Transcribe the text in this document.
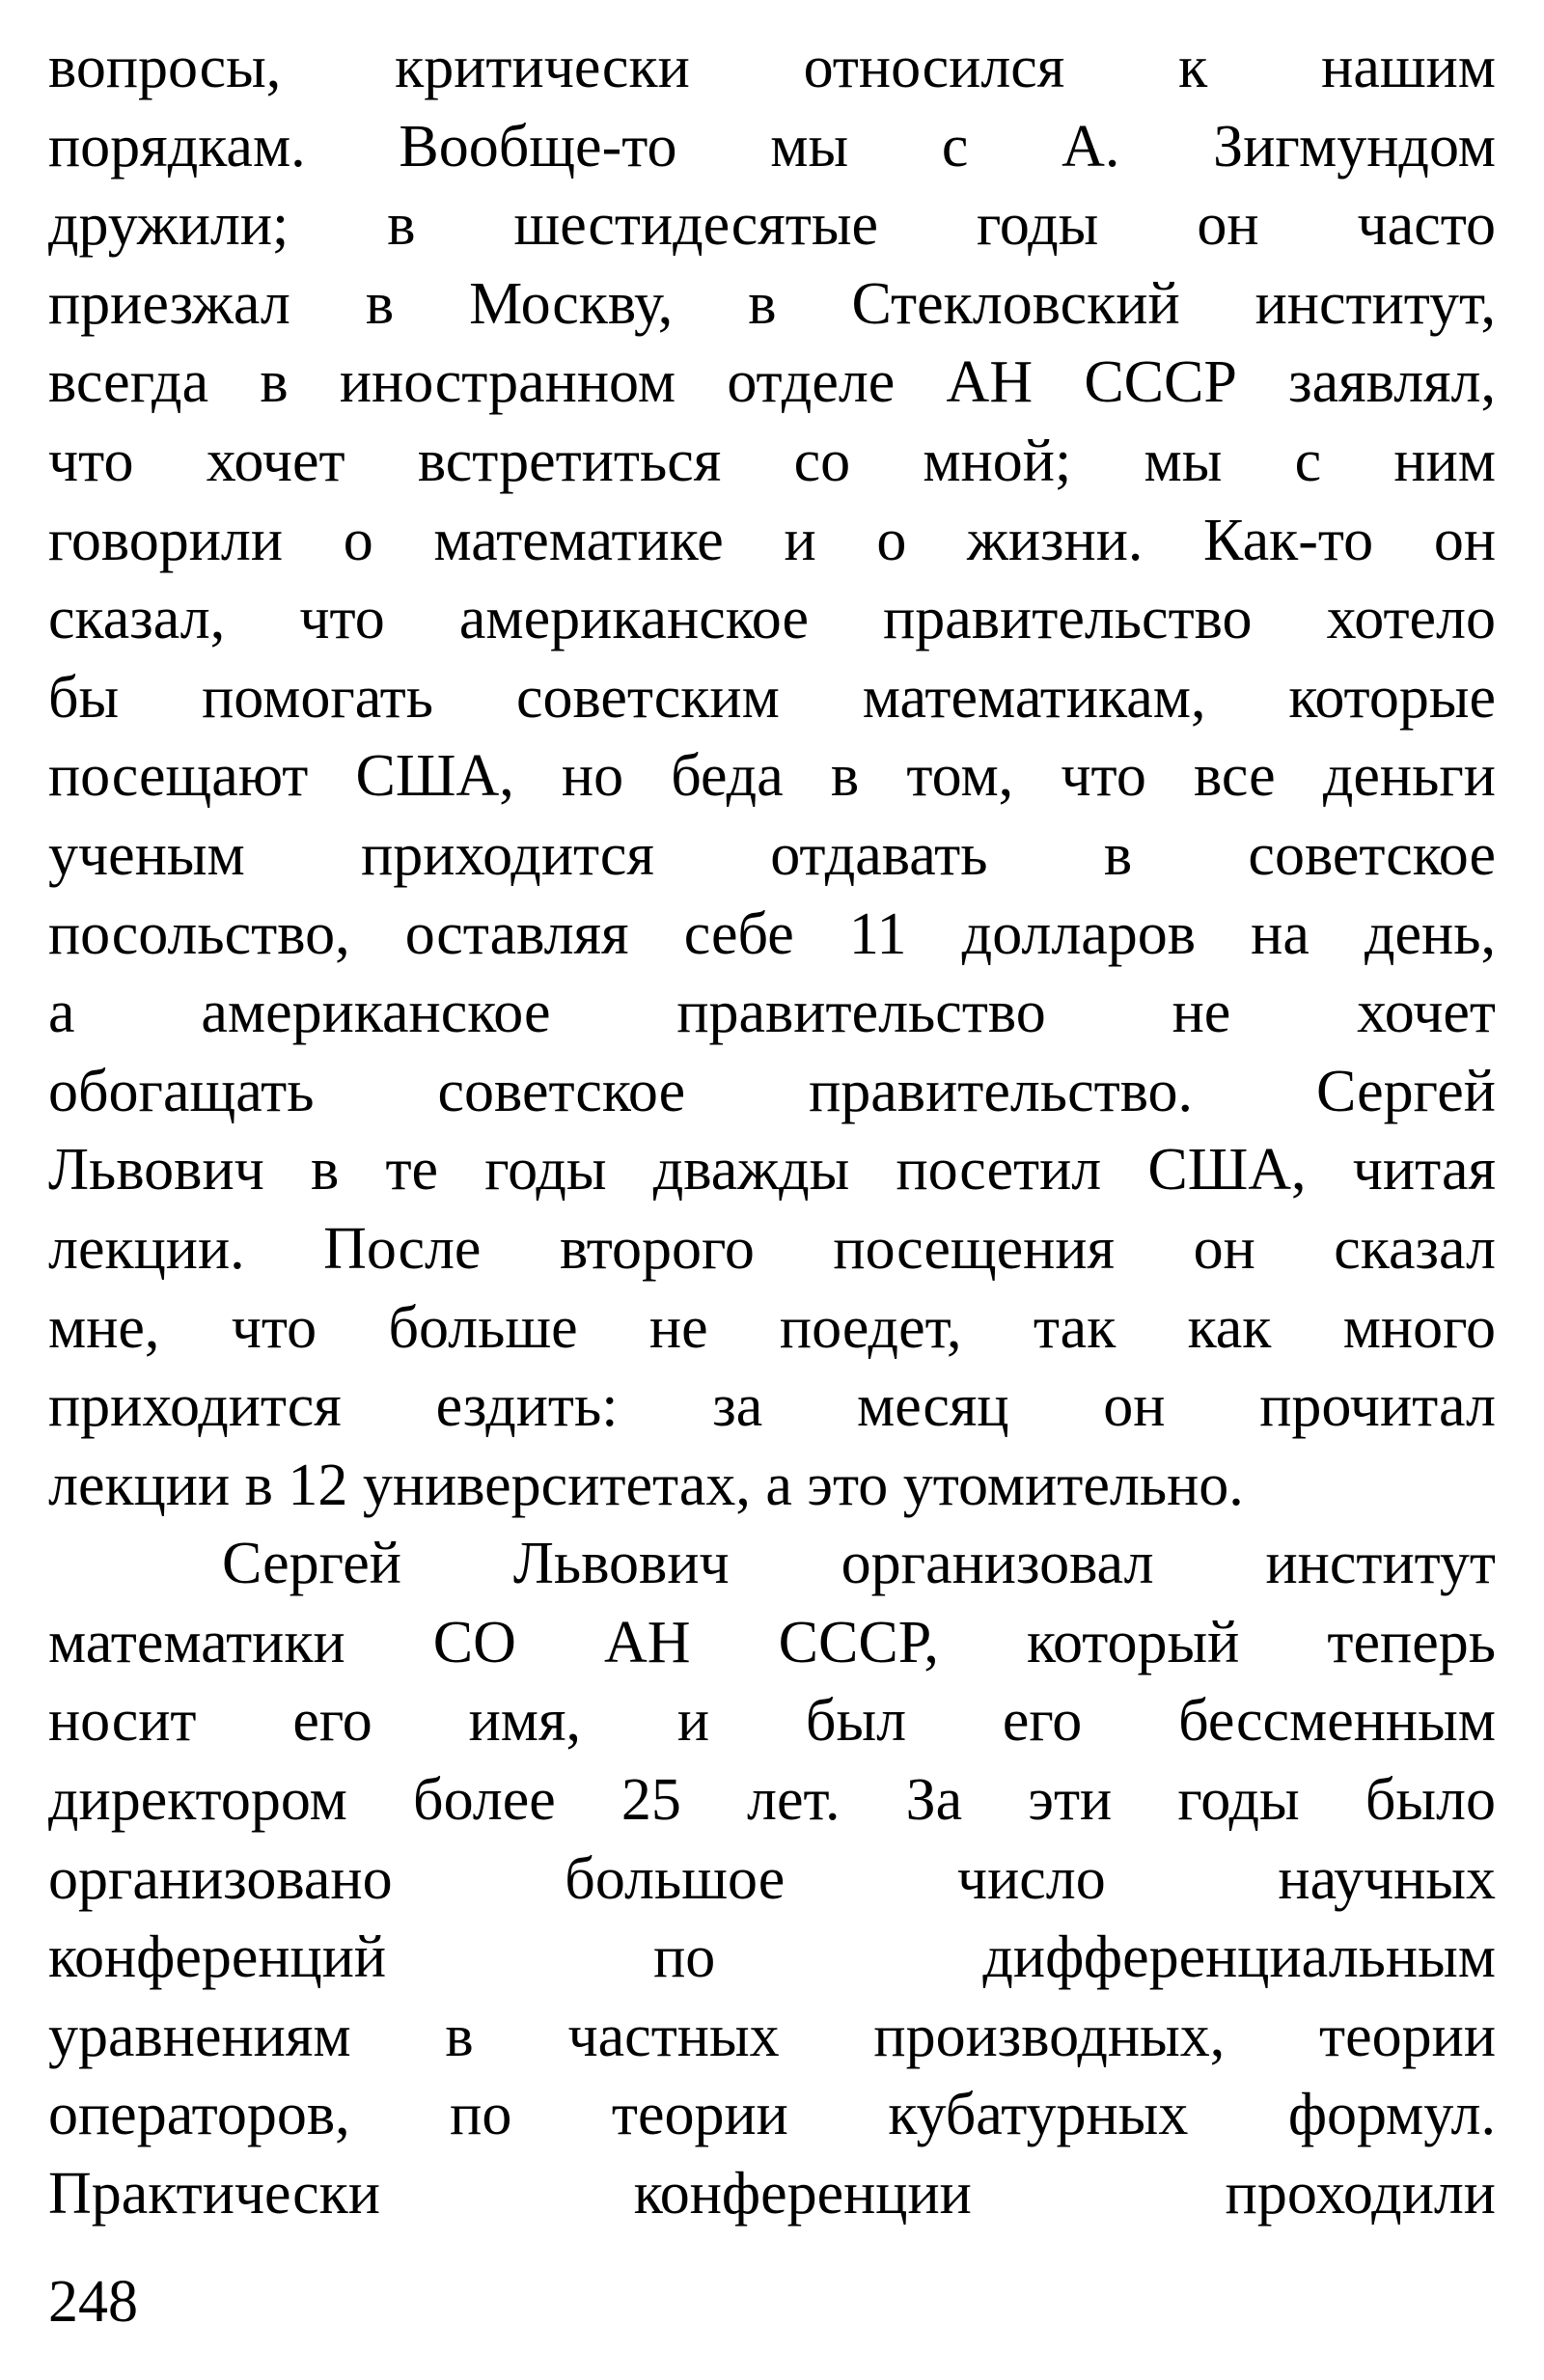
вопросы, критически относился к нашим
порядкам. Вообще-то мы с А. Зигмундом
дружили; в шестидесятые годы он часто
приезжал в Москву, в Стекловский институт,
всегда в иностранном отделе АН СССР заявлял,
что хочет встретиться со мной; мы с ним
говорили о математике и о жизни. Как-то он
сказал, что американское правительство хотело
бы помогать советским математикам, которые
посещают США, но беда в том, что все деньги
ученым приходится отдавать в советское
посольство, оставляя себе 11 долларов на день,
а американское правительство не хочет
обогащать советское правительство. Сергей
Львович в те годы дважды посетил США, читая
лекции. После второго посещения он сказал
мне, что больше не поедет, так как много
приходится ездить: за месяц он прочитал
лекции в 12 университетах, а это утомительно.
Сергей Львович организовал институт
математики СО АН СССР, который теперь
носит его имя, и был его бессменным
директором более 25 лет. За эти годы было
организовано большое число научных
конференций по дифференциальным
уравнениям в частных производных, теории
операторов, по теории кубатурных формул.
Практически конференции проходили
248
